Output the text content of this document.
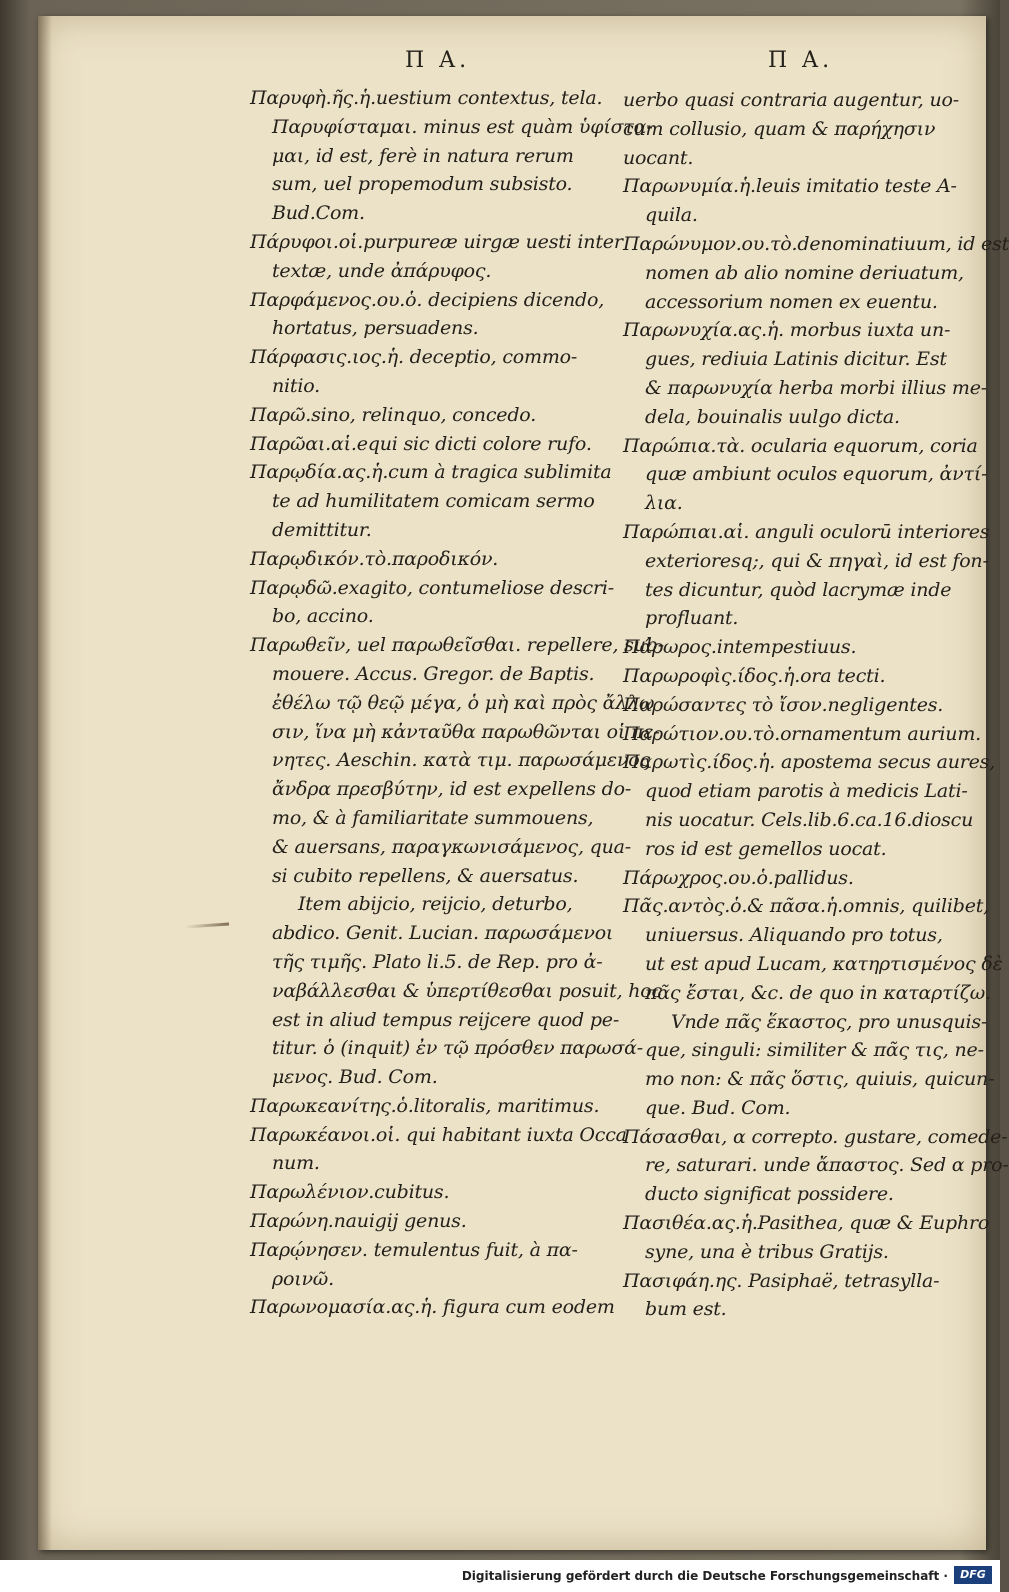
Π Α.	Π Α.
Παρυφὴ.ῆς.ἡ.uestium contextus, tela.
Παρυφίσταμαι. minus est quàm ὑφίστα-
μαι, id est, ferè in natura rerum
sum, uel propemodum subsisto.
Bud.Com.
Πάρυφοι.οἱ.purpureæ uirgæ uesti inter
textæ, unde ἀπάρυφος.
Παρφάμενος.ου.ὁ. decipiens dicendo,
hortatus, persuadens.
Πάρφασις.ιος.ἡ. deceptio, commo-
nitio.
Παρῶ.sino, relinquo, concedo.
Παρῶαι.αἱ.equi sic dicti colore rufo.
Παρῳδία.ας.ἡ.cum à tragica sublimita
te ad humilitatem comicam sermo
demittitur.
Παρῳδικόν.τὸ.παροδικόν.
Παρῳδῶ.exagito, contumeliose descri-
bo, accino.
Παρωθεῖν, uel παρωθεῖσθαι. repellere, sub-
mouere. Accus. Gregor. de Baptis.
ἐθέλω τῷ θεῷ μέγα, ὁ μὴ καὶ πρὸς ἄλλω
σιν, ἵνα μὴ κἀνταῦθα παρωθῶνται οἱ πε-
νητες. Aeschin. κατὰ τιμ. παρωσάμενος
ἄνδρα πρεσβύτην, id est expellens do-
mo, & à familiaritate summouens,
& auersans, παραγκωνισάμενος, qua-
si cubito repellens, & auersatus.
Item abijcio, reijcio, deturbo,
abdico. Genit. Lucian. παρωσάμενοι
τῆς τιμῆς. Plato li.5. de Rep. pro ἀ-
ναβάλλεσθαι & ὑπερτίθεσθαι posuit, hoc
est in aliud tempus reijcere quod pe-
titur. ὁ (inquit) ἐν τῷ πρόσθεν παρωσά-
μενος. Bud. Com.
Παρωκεανίτης.ὁ.litoralis, maritimus.
Παρωκέανοι.οἱ. qui habitant iuxta Occa
num.
Παρωλένιον.cubitus.
Παρώνη.nauigij genus.
Παρῴνησεν. temulentus fuit, à πα-
ροινῶ.
Παρωνομασία.ας.ἡ. figura cum eodem
uerbo quasi contraria augentur, uo-
cum collusio, quam & παρήχησιν
uocant.
Παρωνυμία.ἡ.leuis imitatio teste A-
quila.
Παρώνυμον.ου.τὸ.denominatiuum, id est
nomen ab alio nomine deriuatum,
accessorium nomen ex euentu.
Παρωνυχία.ας.ἡ. morbus iuxta un-
gues, rediuia Latinis dicitur. Est
& παρωνυχία herba morbi illius me-
dela, bouinalis uulgo dicta.
Παρώπια.τὰ. ocularia equorum, coria
quæ ambiunt oculos equorum, ἀντί-
λια.
Παρώπιαι.αἱ. anguli oculorū interiores
exterioresq;, qui & πηγαὶ, id est fon-
tes dicuntur, quòd lacrymæ inde
profluant.
Πάρωρος.intempestiuus.
Παρωροφὶς.ίδος.ἡ.ora tecti.
Παρώσαντες τὸ ἴσον.negligentes.
Παρώτιον.ου.τὸ.ornamentum aurium.
Παρωτὶς.ίδος.ἡ. apostema secus aures,
quod etiam parotis à medicis Lati-
nis uocatur. Cels.lib.6.ca.16.dioscu
ros id est gemellos uocat.
Πάρωχρος.ου.ὁ.pallidus.
Πᾶς.αντὸς.ὁ.& πᾶσα.ἡ.omnis, quilibet,
uniuersus. Aliquando pro totus,
ut est apud Lucam, κατηρτισμένος δὲ
πᾶς ἔσται, &c. de quo in καταρτίζω.
Vnde πᾶς ἕκαστος, pro unusquis-
que, singuli: similiter & πᾶς τις, ne-
mo non: & πᾶς ὅστις, quiuis, quicun-
que. Bud. Com.
Πάσασθαι, α correpto. gustare, comede-
re, saturari. unde ἄπαστος. Sed α pro-
ducto significat possidere.
Πασιθέα.ας.ἡ.Pasithea, quæ & Euphro
syne, una è tribus Gratijs.
Πασιφάη.ης. Pasiphaë, tetrasylla-
bum est.
Digitalisierung gefördert durch die Deutsche Forschungsgemeinschaft ·	DFG
